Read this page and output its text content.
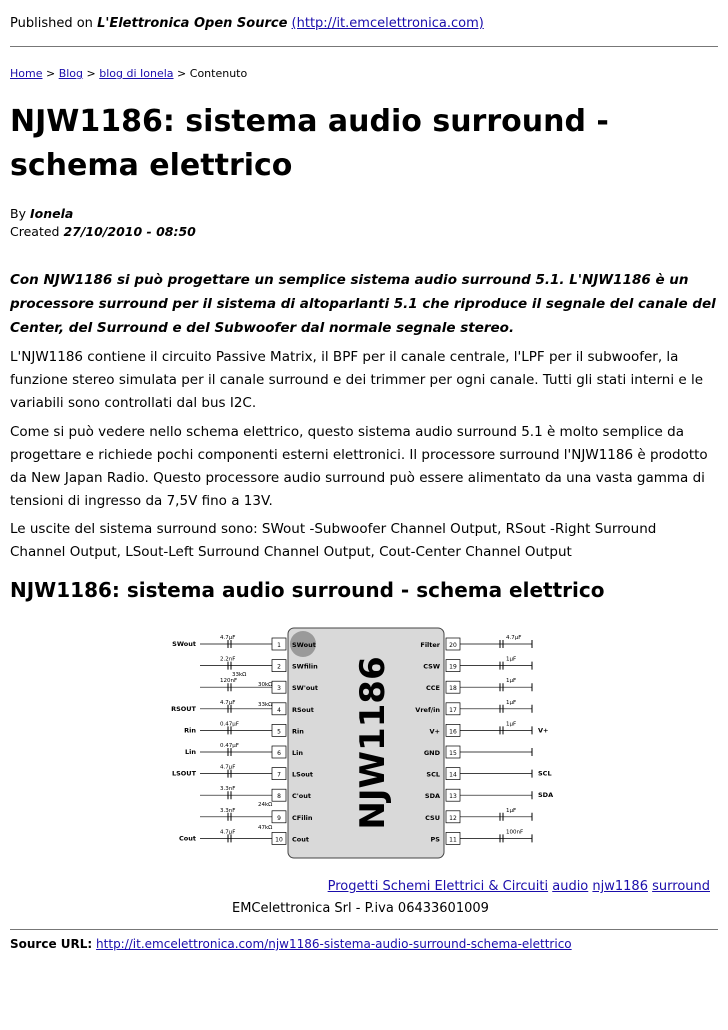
Published on L'Elettronica Open Source (http://it.emcelettronica.com)
Home > Blog > blog di Ionela > Contenuto
NJW1186: sistema audio surround - schema elettrico
By Ionela
Created 27/10/2010 - 08:50

Con NJW1186 si può progettare un semplice sistema audio surround 5.1. L'NJW1186 è un processore surround per il sistema di altoparlanti 5.1 che riproduce il segnale del canale del Center, del Surround e del Subwoofer dal normale segnale stereo.

L'NJW1186 contiene il circuito Passive Matrix, il BPF per il canale centrale, l'LPF per il subwoofer, la funzione stereo simulata per il canale surround e dei trimmer per ogni canale. Tutti gli stati interni e le variabili sono controllati dal bus I2C.

Come si può vedere nello schema elettrico, questo sistema audio surround 5.1 è molto semplice da progettare e richiede pochi componenti esterni elettronici. Il processore surround l'NJW1186 è prodotto da New Japan Radio. Questo processore audio surround può essere alimentato da una vasta gamma di tensioni di ingresso da 7,5V fino a 13V.

Le uscite del sistema surround sono: SWout -Subwoofer Channel Output, RSout -Right Surround Channel Output, LSout-Left Surround Channel Output, Cout-Center Channel Output

NJW1186: sistema audio surround - schema elettrico
NJW1186
1 SWout
4.7µF
SWout
2 SWfilin
2.2nF
3 SW'out
120nF
4 RSout
4.7µF
RSOUT
5 Rin
0.47µF
Rin
6 Lin
0.47µF
Lin
7 LSout
4.7µF
LSOUT
8 C'out
3.3nF
9 CFilin
3.3nF
10 Cout
4.7µF
Cout
33kΩ
30kΩ
33kΩ
24kΩ
47kΩ
20
Filter
4.7µF
19
CSW
1µF
18
CCE
1µF
17
Vref/in
1µF
16
V+
1µF
V+
15
GND
14
SCL	SCL
13
SDA	SDA
12
CSU
1µF
11
PS
100nF
Progetti Schemi Elettrici & Circuiti audio njw1186 surround
EMCelettronica Srl - P.iva 06433601009
Source URL: http://it.emcelettronica.com/njw1186-sistema-audio-surround-schema-elettrico
